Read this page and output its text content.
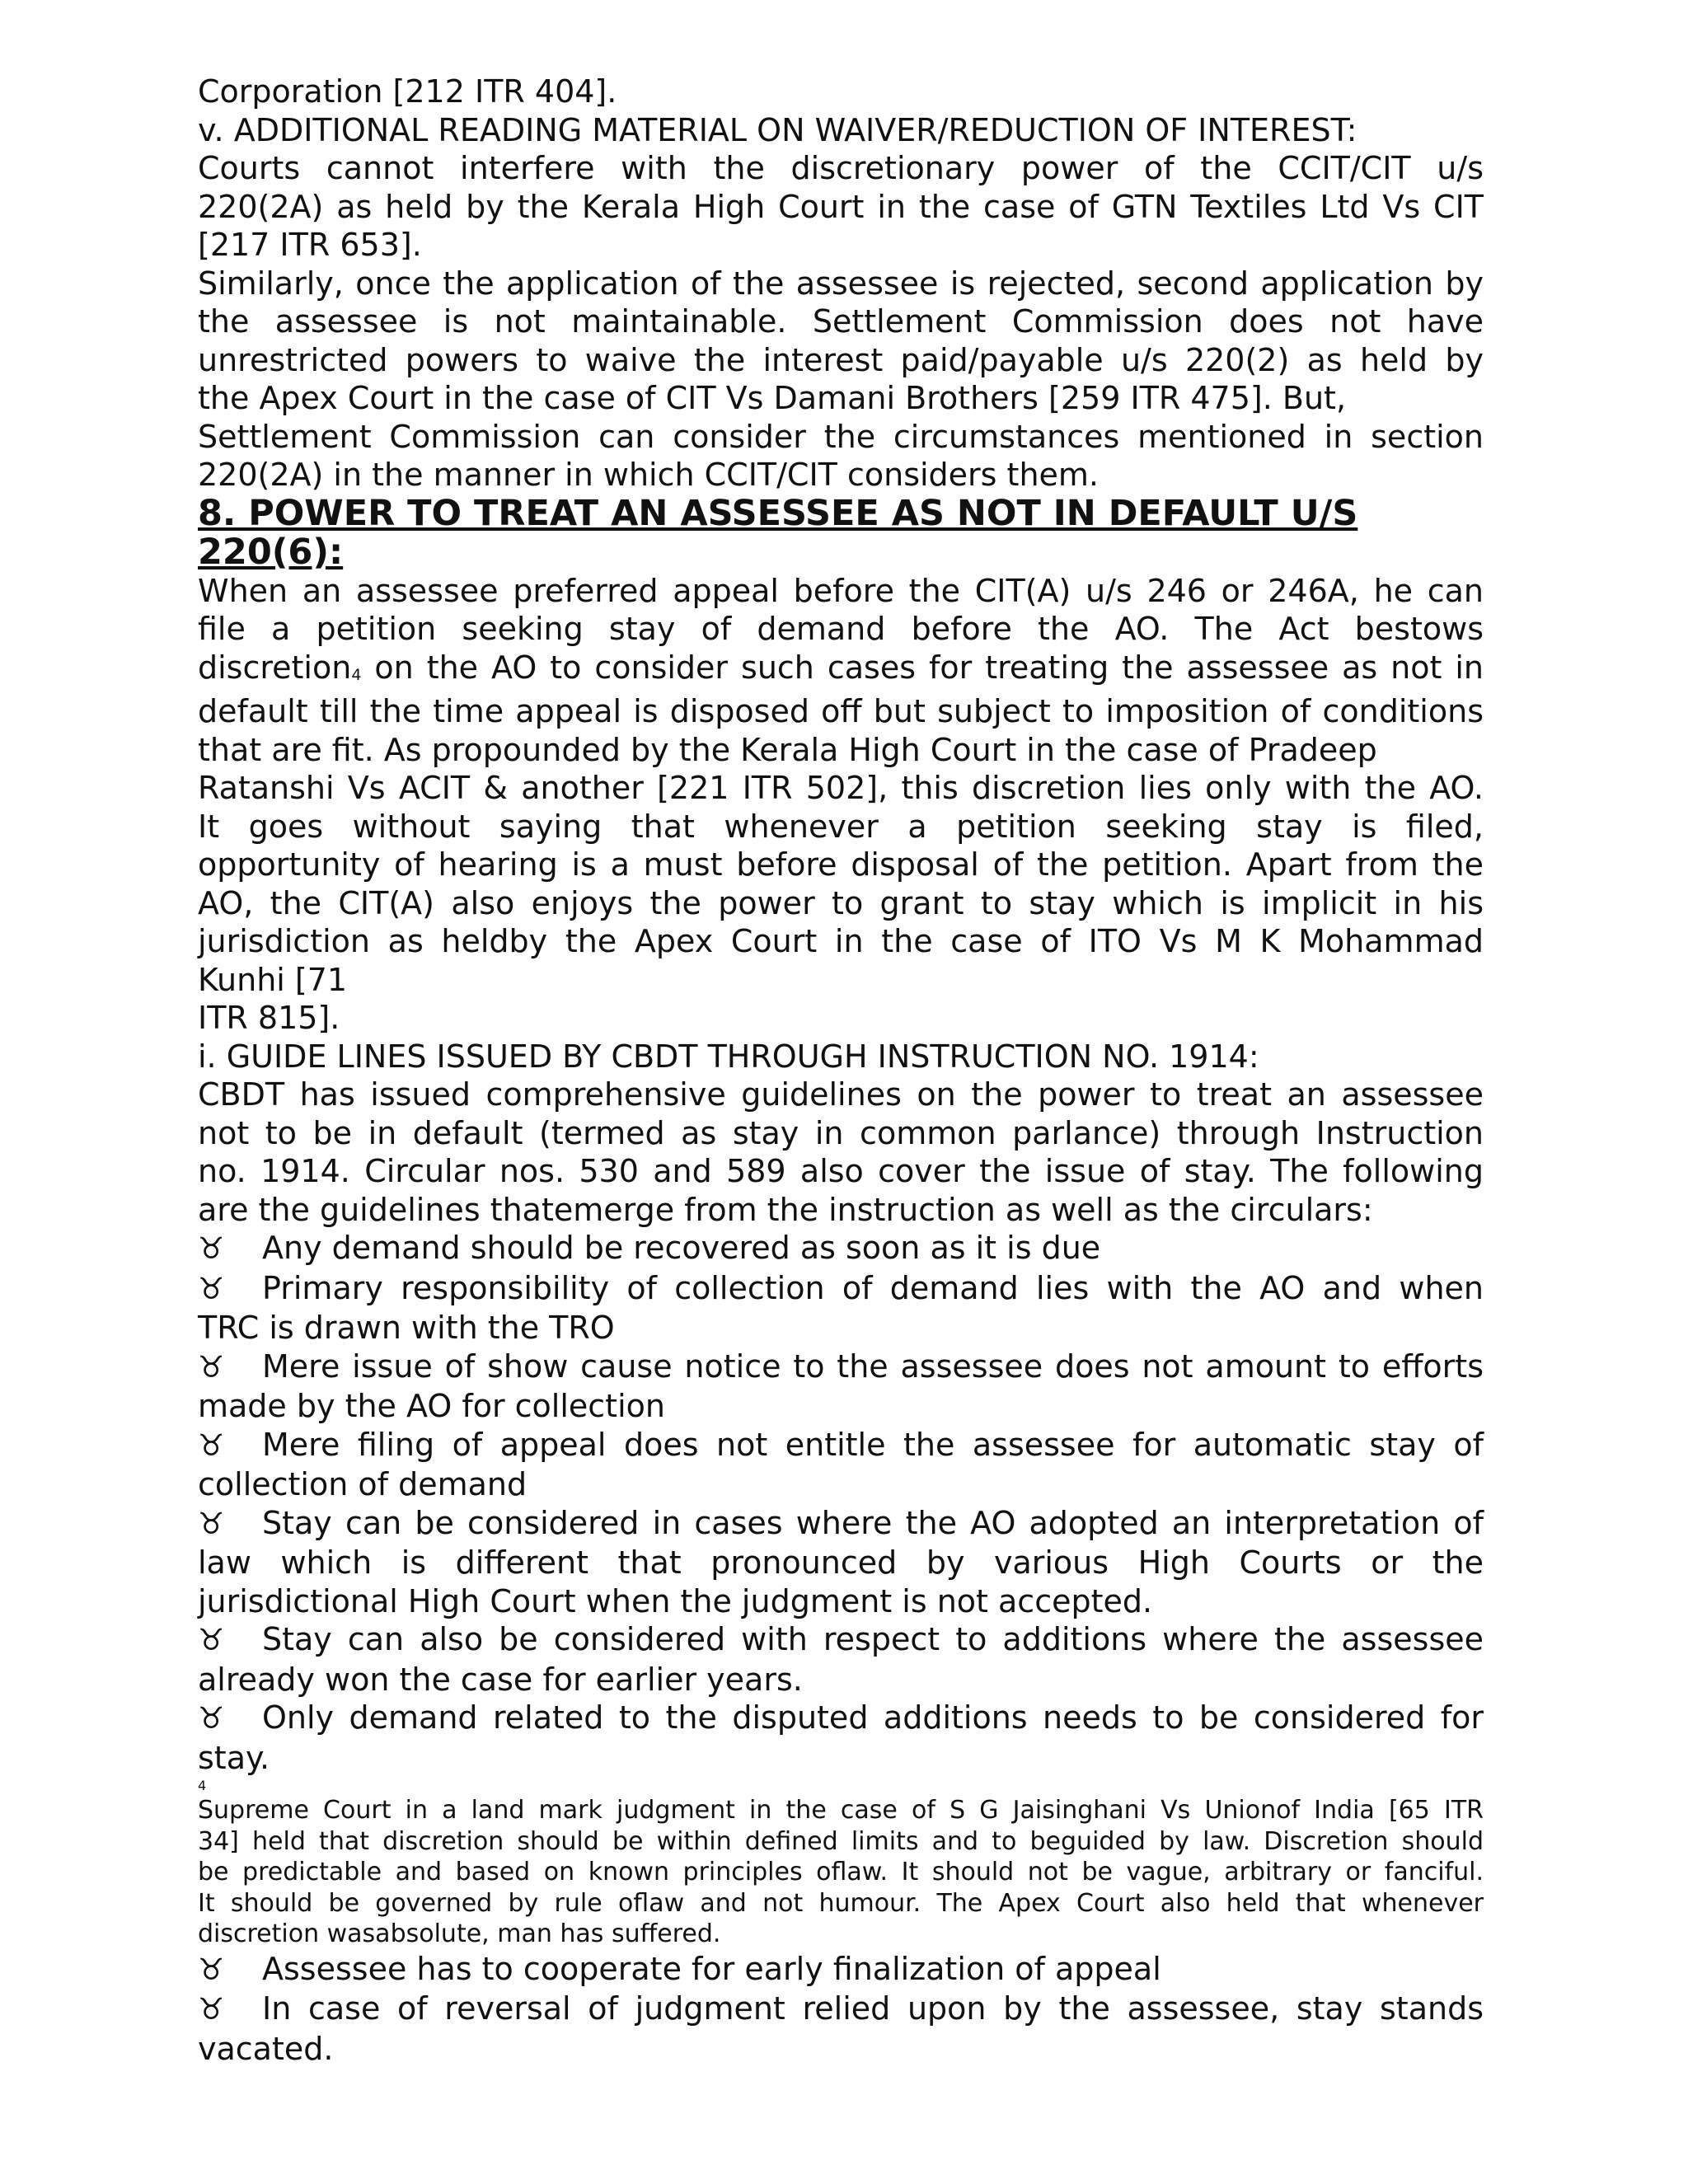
Corporation [212 ITR 404].

v. ADDITIONAL READING MATERIAL ON WAIVER/REDUCTION OF INTEREST:

Courts cannot interfere with the discretionary power of the CCIT/CIT u/s

220(2A) as held by the Kerala High Court in the case of GTN Textiles Ltd Vs CIT

[217 ITR 653].

Similarly, once the application of the assessee is rejected, second application by

the assessee is not maintainable. Settlement Commission does not have

unrestricted powers to waive the interest paid/payable u/s 220(2) as held by

the Apex Court in the case of CIT Vs Damani Brothers [259 ITR 475]. But,

Settlement Commission can consider the circumstances mentioned in section

220(2A) in the manner in which CCIT/CIT considers them.

8. POWER TO TREAT AN ASSESSEE AS NOT IN DEFAULT U/S

220(6):

When an assessee preferred appeal before the CIT(A) u/s 246 or 246A, he can

file a petition seeking stay of demand before the AO. The Act bestows

discretion4 on the AO to consider such cases for treating the assessee as not in

default till the time appeal is disposed off but subject to imposition of conditions

that are fit. As propounded by the Kerala High Court in the case of Pradeep

Ratanshi Vs ACIT & another [221 ITR 502], this discretion lies only with the AO.

It goes without saying that whenever a petition seeking stay is filed,

opportunity of hearing is a must before disposal of the petition. Apart from the

AO, the CIT(A) also enjoys the power to grant to stay which is implicit in his

jurisdiction as heldby the Apex Court in the case of ITO Vs M K Mohammad

Kunhi [71

ITR 815].

i. GUIDE LINES ISSUED BY CBDT THROUGH INSTRUCTION NO. 1914:

CBDT has issued comprehensive guidelines on the power to treat an assessee

not to be in default (termed as stay in common parlance) through Instruction

no. 1914. Circular nos. 530 and 589 also cover the issue of stay. The following

are the guidelines thatemerge from the instruction as well as the circulars:

♉ Any demand should be recovered as soon as it is due

♉ Primary responsibility of collection of demand lies with the AO and when

TRC is drawn with the TRO

♉ Mere issue of show cause notice to the assessee does not amount to efforts

made by the AO for collection

♉ Mere filing of appeal does not entitle the assessee for automatic stay of

collection of demand

♉ Stay can be considered in cases where the AO adopted an interpretation of

law which is different that pronounced by various High Courts or the

jurisdictional High Court when the judgment is not accepted.

♉ Stay can also be considered with respect to additions where the assessee

already won the case for earlier years.

♉ Only demand related to the disputed additions needs to be considered for

stay.

4

Supreme Court in a land mark judgment in the case of S G Jaisinghani Vs Unionof India [65 ITR

34] held that discretion should be within defined limits and to beguided by law. Discretion should

be predictable and based on known principles oflaw. It should not be vague, arbitrary or fanciful.

It should be governed by rule oflaw and not humour. The Apex Court also held that whenever

discretion wasabsolute, man has suffered.

♉ Assessee has to cooperate for early finalization of appeal

♉ In case of reversal of judgment relied upon by the assessee, stay stands

vacated.
